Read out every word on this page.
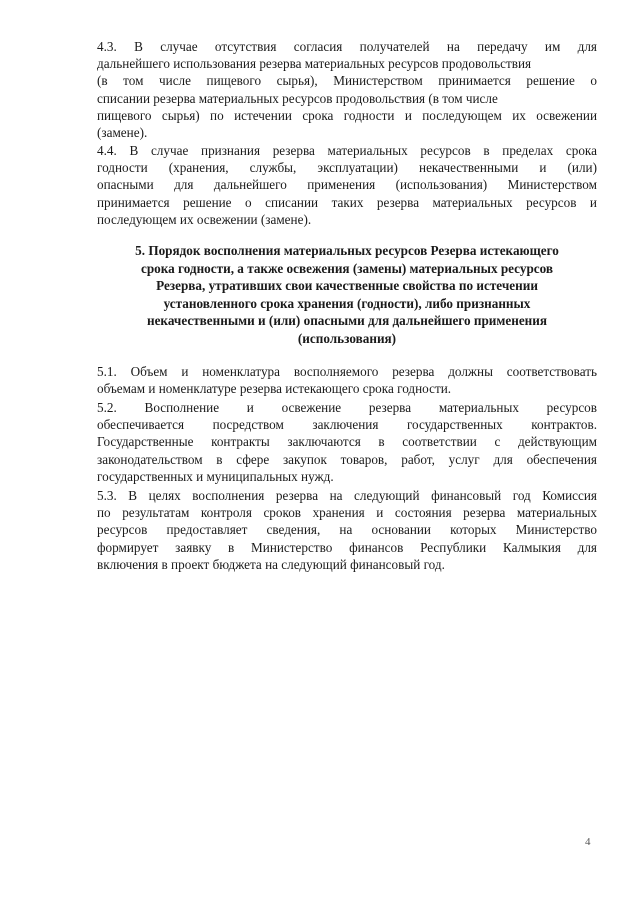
4.3. В случае отсутствия согласия получателей на передачу им для
дальнейшего использования резерва материальных ресурсов продовольствия
(в том числе пищевого сырья), Министерством принимается решение о
списании резерва материальных ресурсов продовольствия (в том числе
пищевого сырья) по истечении срока годности и последующем их освежении
(замене).
4.4. В случае признания резерва материальных ресурсов в пределах срока
годности (хранения, службы, эксплуатации) некачественными и (или)
опасными для дальнейшего применения (использования) Министерством
принимается решение о списании таких резерва материальных ресурсов и
последующем их освежении (замене).
5. Порядок восполнения материальных ресурсов Резерва истекающего
срока годности, а также освежения (замены) материальных ресурсов
Резерва, утративших свои качественные свойства по истечении
установленного срока хранения (годности), либо признанных
некачественными и (или) опасными для дальнейшего применения
(использования)
5.1. Объем и номенклатура восполняемого резерва должны соответствовать
объемам и номенклатуре резерва истекающего срока годности.
5.2. Восполнение и освежение резерва материальных ресурсов
обеспечивается посредством заключения государственных контрактов.
Государственные контракты заключаются в соответствии с действующим
законодательством в сфере закупок товаров, работ, услуг для обеспечения
государственных и муниципальных нужд.
5.3. В целях восполнения резерва на следующий финансовый год Комиссия
по результатам контроля сроков хранения и состояния резерва материальных
ресурсов предоставляет сведения, на основании которых Министерство
формирует заявку в Министерство финансов Республики Калмыкия для
включения в проект бюджета на следующий финансовый год.
4
